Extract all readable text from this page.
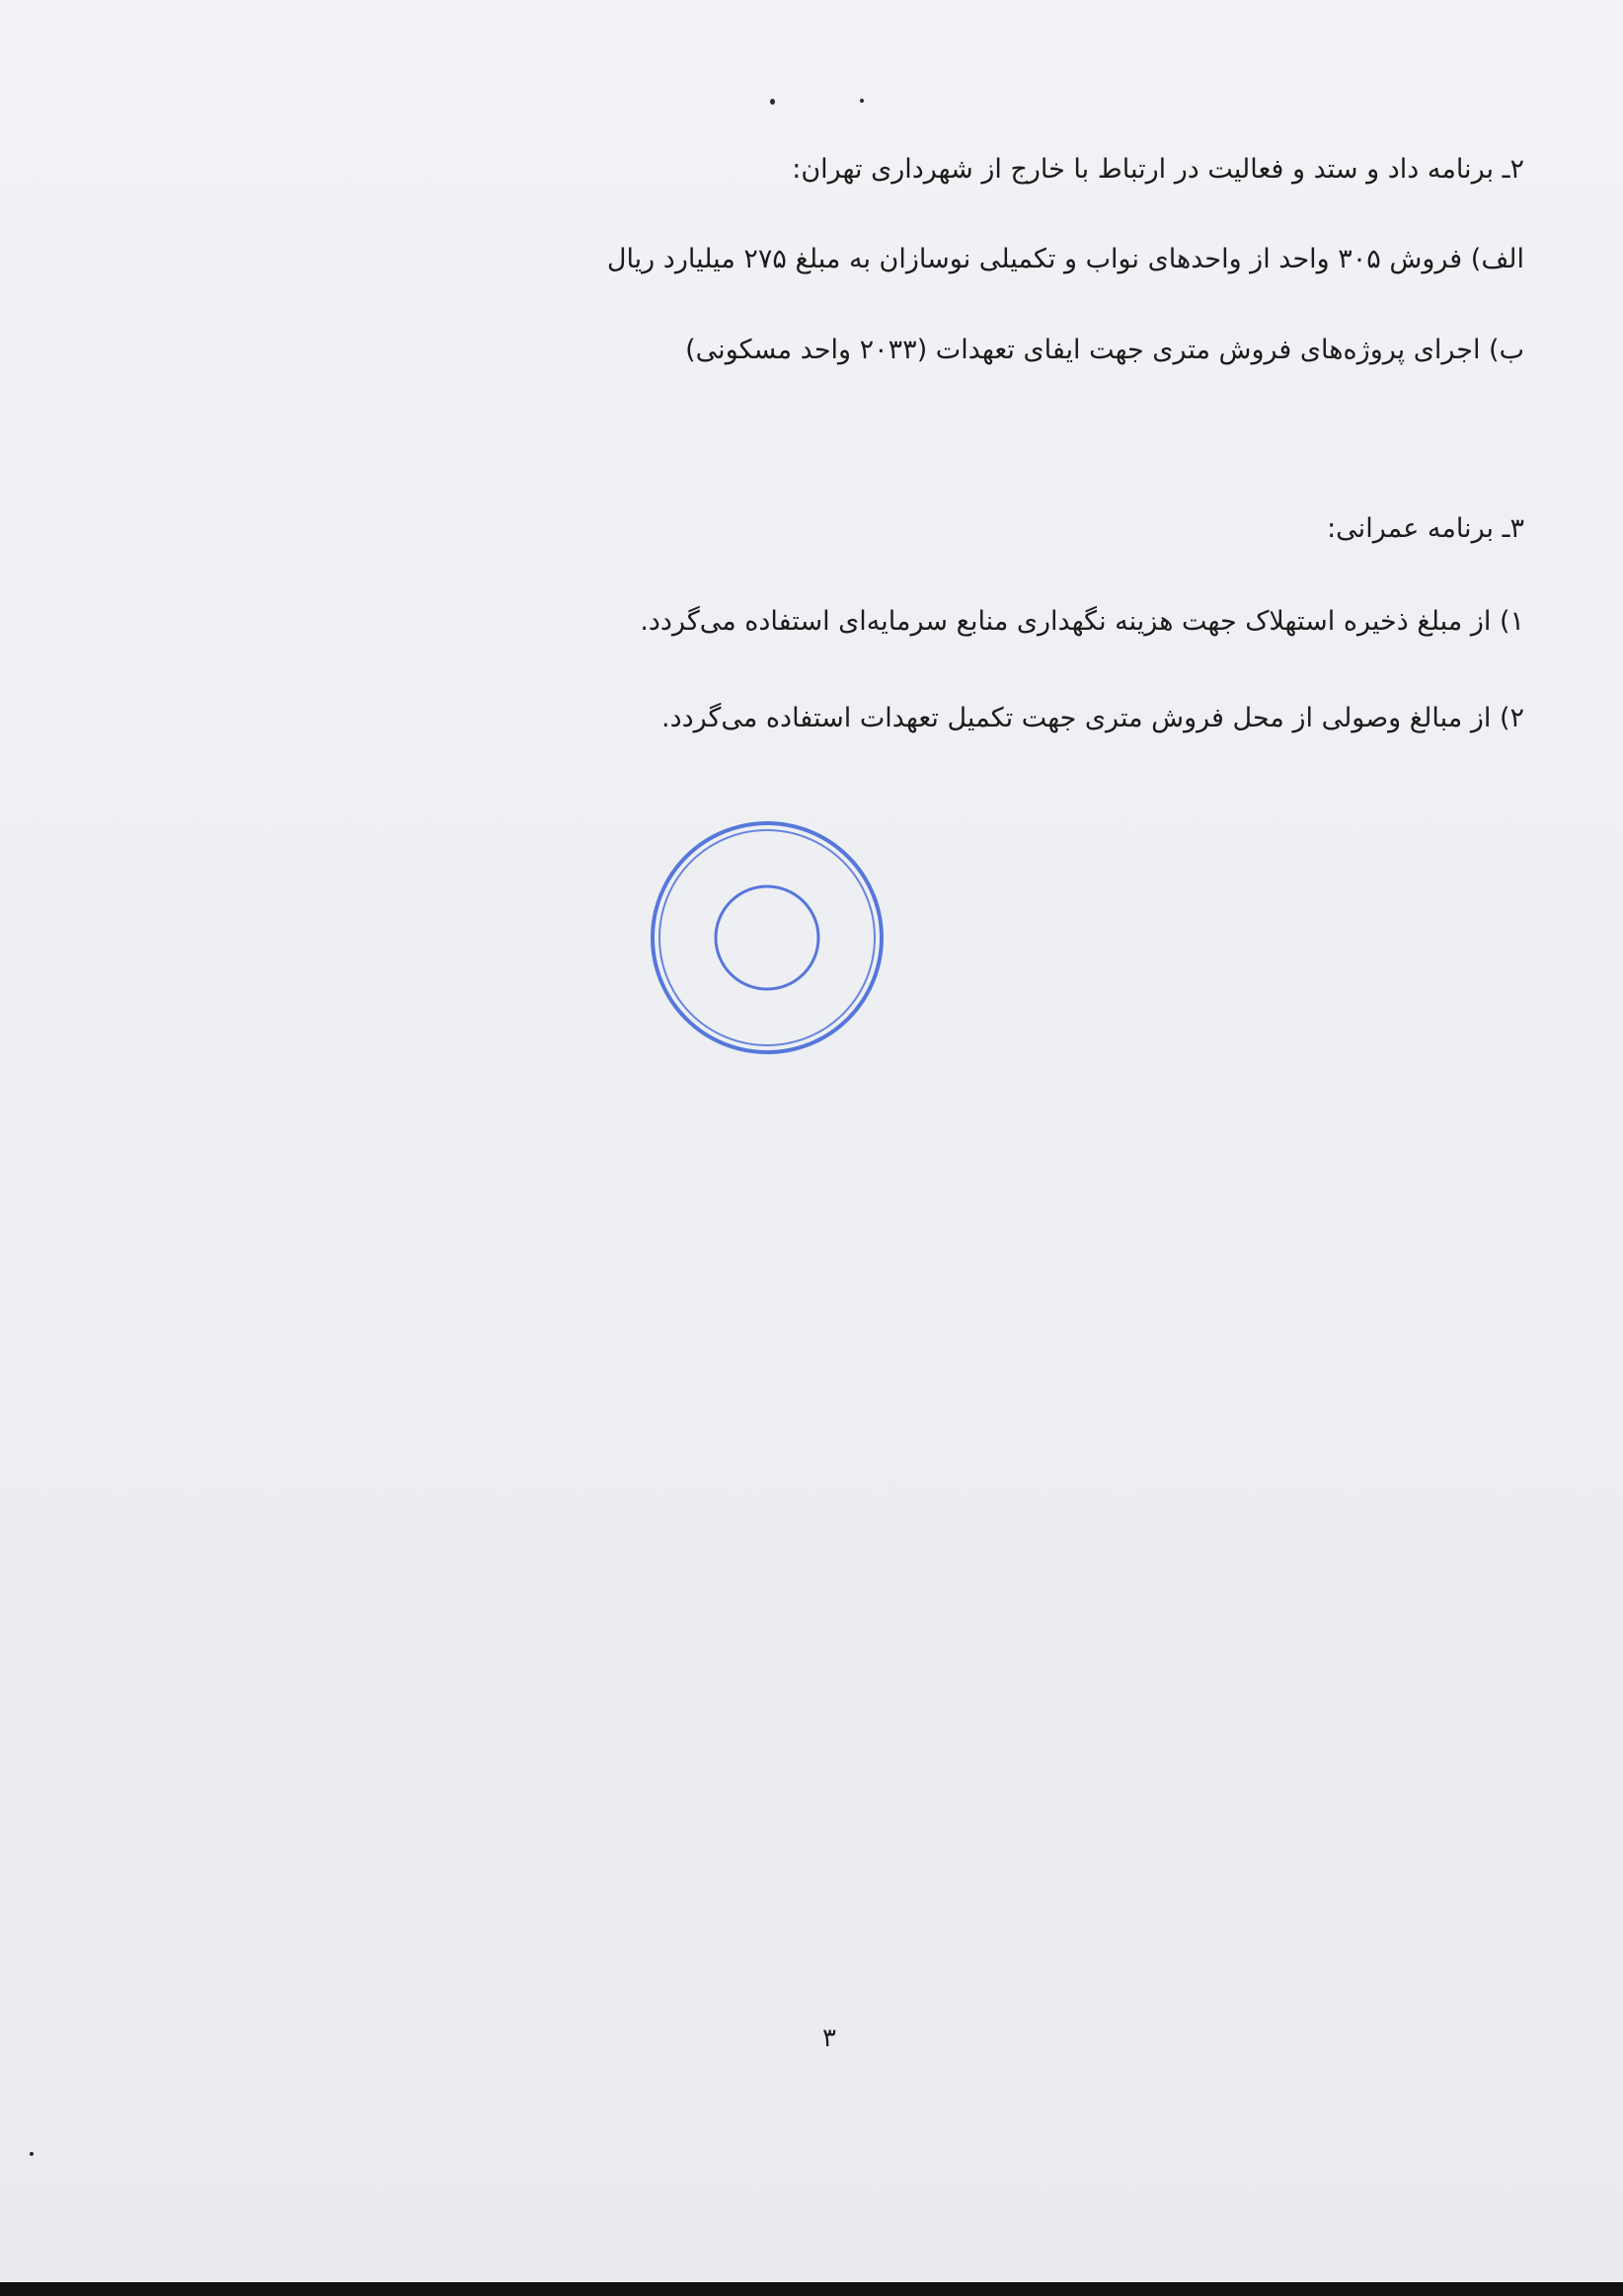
۲ـ برنامه داد و ستد و فعالیت در ارتباط با خارج از شهرداری تهران:
الف) فروش ۳۰۵ واحد از واحدهای نواب و تکمیلی نوسازان به مبلغ ۲۷۵ میلیارد ریال
ب) اجرای پروژه‌های فروش متری جهت ایفای تعهدات (۲۰۳۳ واحد مسکونی)
۳ـ برنامه عمرانی:
۱) از مبلغ ذخیره استهلاک جهت هزینه نگهداری منابع سرمایه‌ای استفاده می‌گردد.
۲) از مبالغ وصولی از محل فروش متری جهت تکمیل تعهدات استفاده می‌گردد.
۳
